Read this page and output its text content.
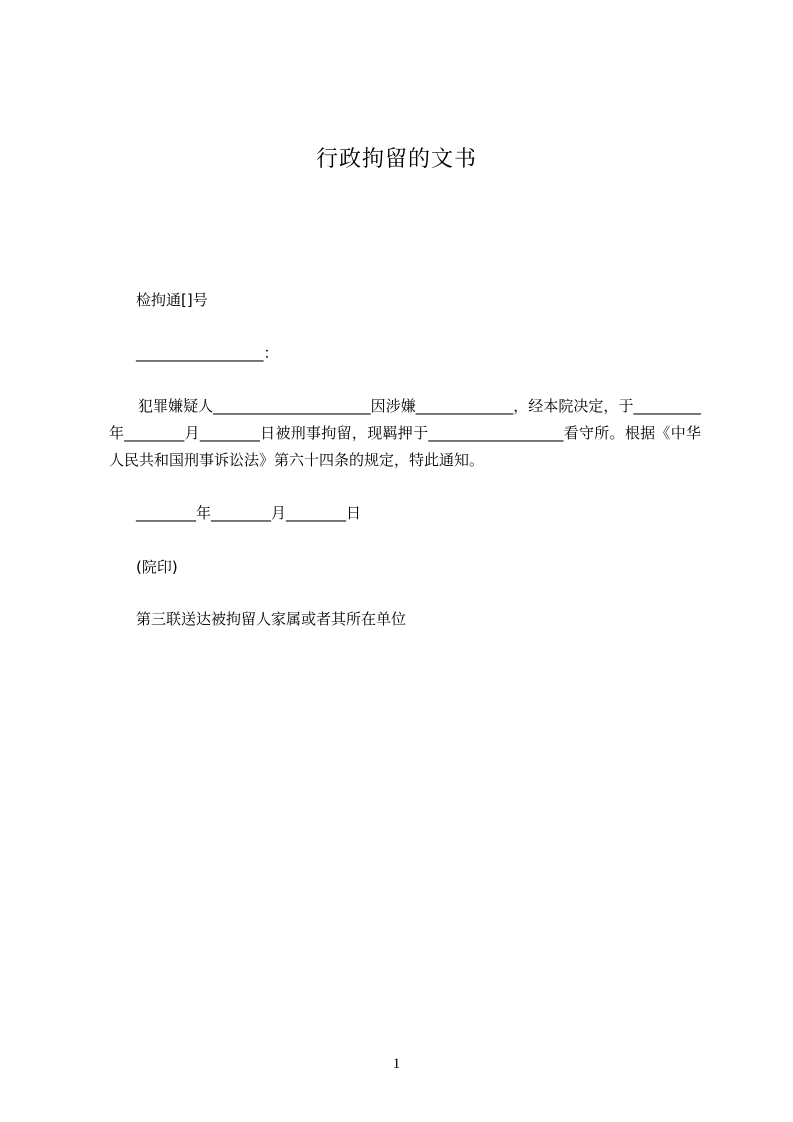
行政拘留的文书
检拘通[]号
_________________：
犯罪嫌疑人_____________________因涉嫌_____________，经本院决定，于_________年________月________日被刑事拘留，现羁押于__________________看守所。根据《中华人民共和国刑事诉讼法》第六十四条的规定，特此通知。
________年________月________日
(院印)
第三联送达被拘留人家属或者其所在单位
1
